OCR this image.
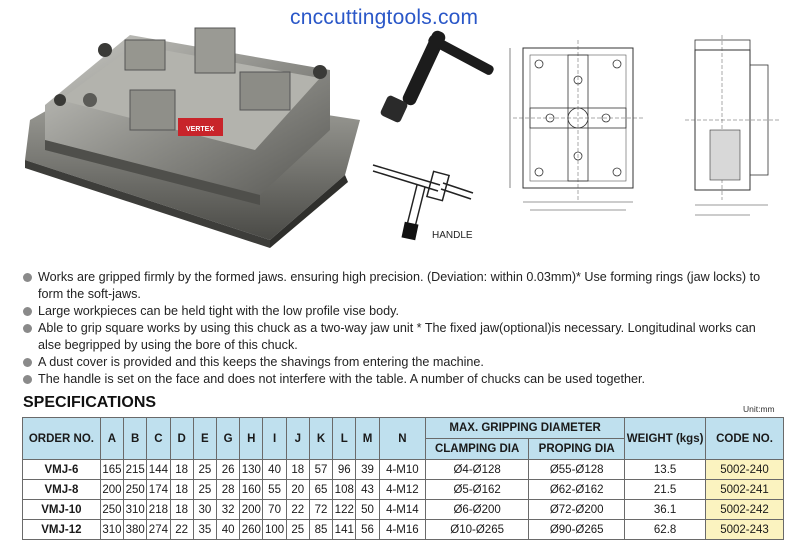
VERTEX
cnccuttingtools.com
HANDLE
Works are gripped firmly by the formed jaws. ensuring high precision. (Deviation: within 0.03mm)* Use forming rings (jaw locks) to form the soft-jaws.
Large workpieces can be held tight with the low profile vise body.
Able to grip square works by using this chuck as a two-way jaw unit * The fixed jaw(optional)is necessary. Longitudinal works can alse begripped by using the bore of this chuck.
A dust cover is provided and this keeps the shavings from entering the machine.
The handle is set on the face and does not interfere with the table. A number of chucks can be used together.
SPECIFICATIONS	Unit:mm
ORDER NO.	A	B	C	D	E	G	H	I	J	K	L	M	N	MAX. GRIPPING DIAMETER		WEIGHT (kgs)	CODE NO.
														CLAMPING DIA	PROPING DIA		
VMJ-6	165	215	144	18	25	26	130	40	18	57	96	39	4-M10	Ø4-Ø128	Ø55-Ø128	13.5	5002-240
VMJ-8	200	250	174	18	25	28	160	55	20	65	108	43	4-M12	Ø5-Ø162	Ø62-Ø162	21.5	5002-241
VMJ-10	250	310	218	18	30	32	200	70	22	72	122	50	4-M14	Ø6-Ø200	Ø72-Ø200	36.1	5002-242
VMJ-12	310	380	274	22	35	40	260	100	25	85	141	56	4-M16	Ø10-Ø265	Ø90-Ø265	62.8	5002-243
